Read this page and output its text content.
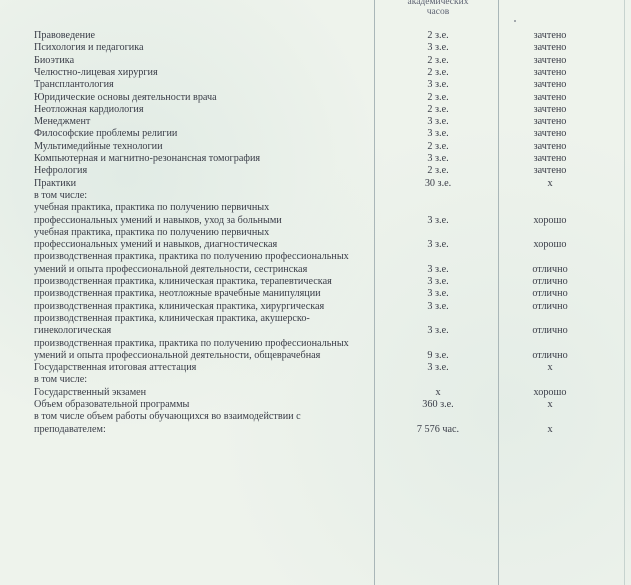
академических
часов
Правоведение	2 з.е.	зачтено
Психология и педагогика	3 з.е.	зачтено
Биоэтика	2 з.е.	зачтено
Челюстно-лицевая хирургия	2 з.е.	зачтено
Трансплантология	3 з.е.	зачтено
Юридические основы деятельности врача	2 з.е.	зачтено
Неотложная кардиология	2 з.е.	зачтено
Менеджмент	3 з.е.	зачтено
Философские проблемы религии	3 з.е.	зачтено
Мультимедийные технологии	2 з.е.	зачтено
Компьютерная и магнитно-резонансная томография	3 з.е.	зачтено
Нефрология	2 з.е.	зачтено
Практики	30 з.е.	х
в том числе:
учебная практика, практика по получению первичных
профессиональных умений и навыков, уход за больными	3 з.е.	хорошо
учебная практика, практика по получению первичных
профессиональных умений и навыков, диагностическая	3 з.е.	хорошо
производственная практика, практика по получению профессиональных
умений и опыта профессиональной деятельности, сестринская	3 з.е.	отлично
производственная практика, клиническая практика, терапевтическая	3 з.е.	отлично
производственная практика, неотложные врачебные манипуляции	3 з.е.	отлично
производственная практика, клиническая практика, хирургическая	3 з.е.	отлично
производственная практика, клиническая практика, акушерско-
гинекологическая	3 з.е.	отлично
производственная практика, практика по получению профессиональных
умений и опыта профессиональной деятельности, общеврачебная	9 з.е.	отлично
Государственная итоговая аттестация	3 з.е.	х
в том числе:
Государственный экзамен	х	хорошо
Объем образовательной программы	360 з.е.	х
в том числе объем работы обучающихся во взаимодействии с
преподавателем:	7 576 час.	х
